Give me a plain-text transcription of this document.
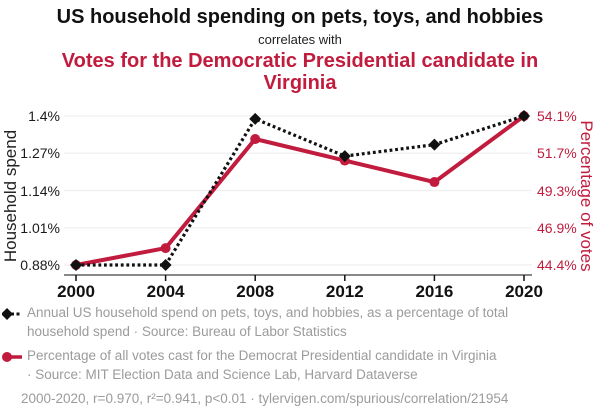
US household spending on pets, toys, and hobbies
correlates with
Votes for the Democratic Presidential candidate in Virginia
1.4%
1.27%
1.14%
1.01%
0.88%
54.1%
51.7%
49.3%
46.9%
44.4%
2000	2004	2008	2012	2016	2020
Household spend	Percentage of votes
Annual US household spend on pets, toys, and hobbies, as a percentage of total
household spend · Source: Bureau of Labor Statistics
Percentage of all votes cast for the Democrat Presidential candidate in Virginia
· Source: MIT Election Data and Science Lab, Harvard Dataverse
2000-2020, r=0.970, r²=0.941, p<0.01 · tylervigen.com/spurious/correlation/21954
